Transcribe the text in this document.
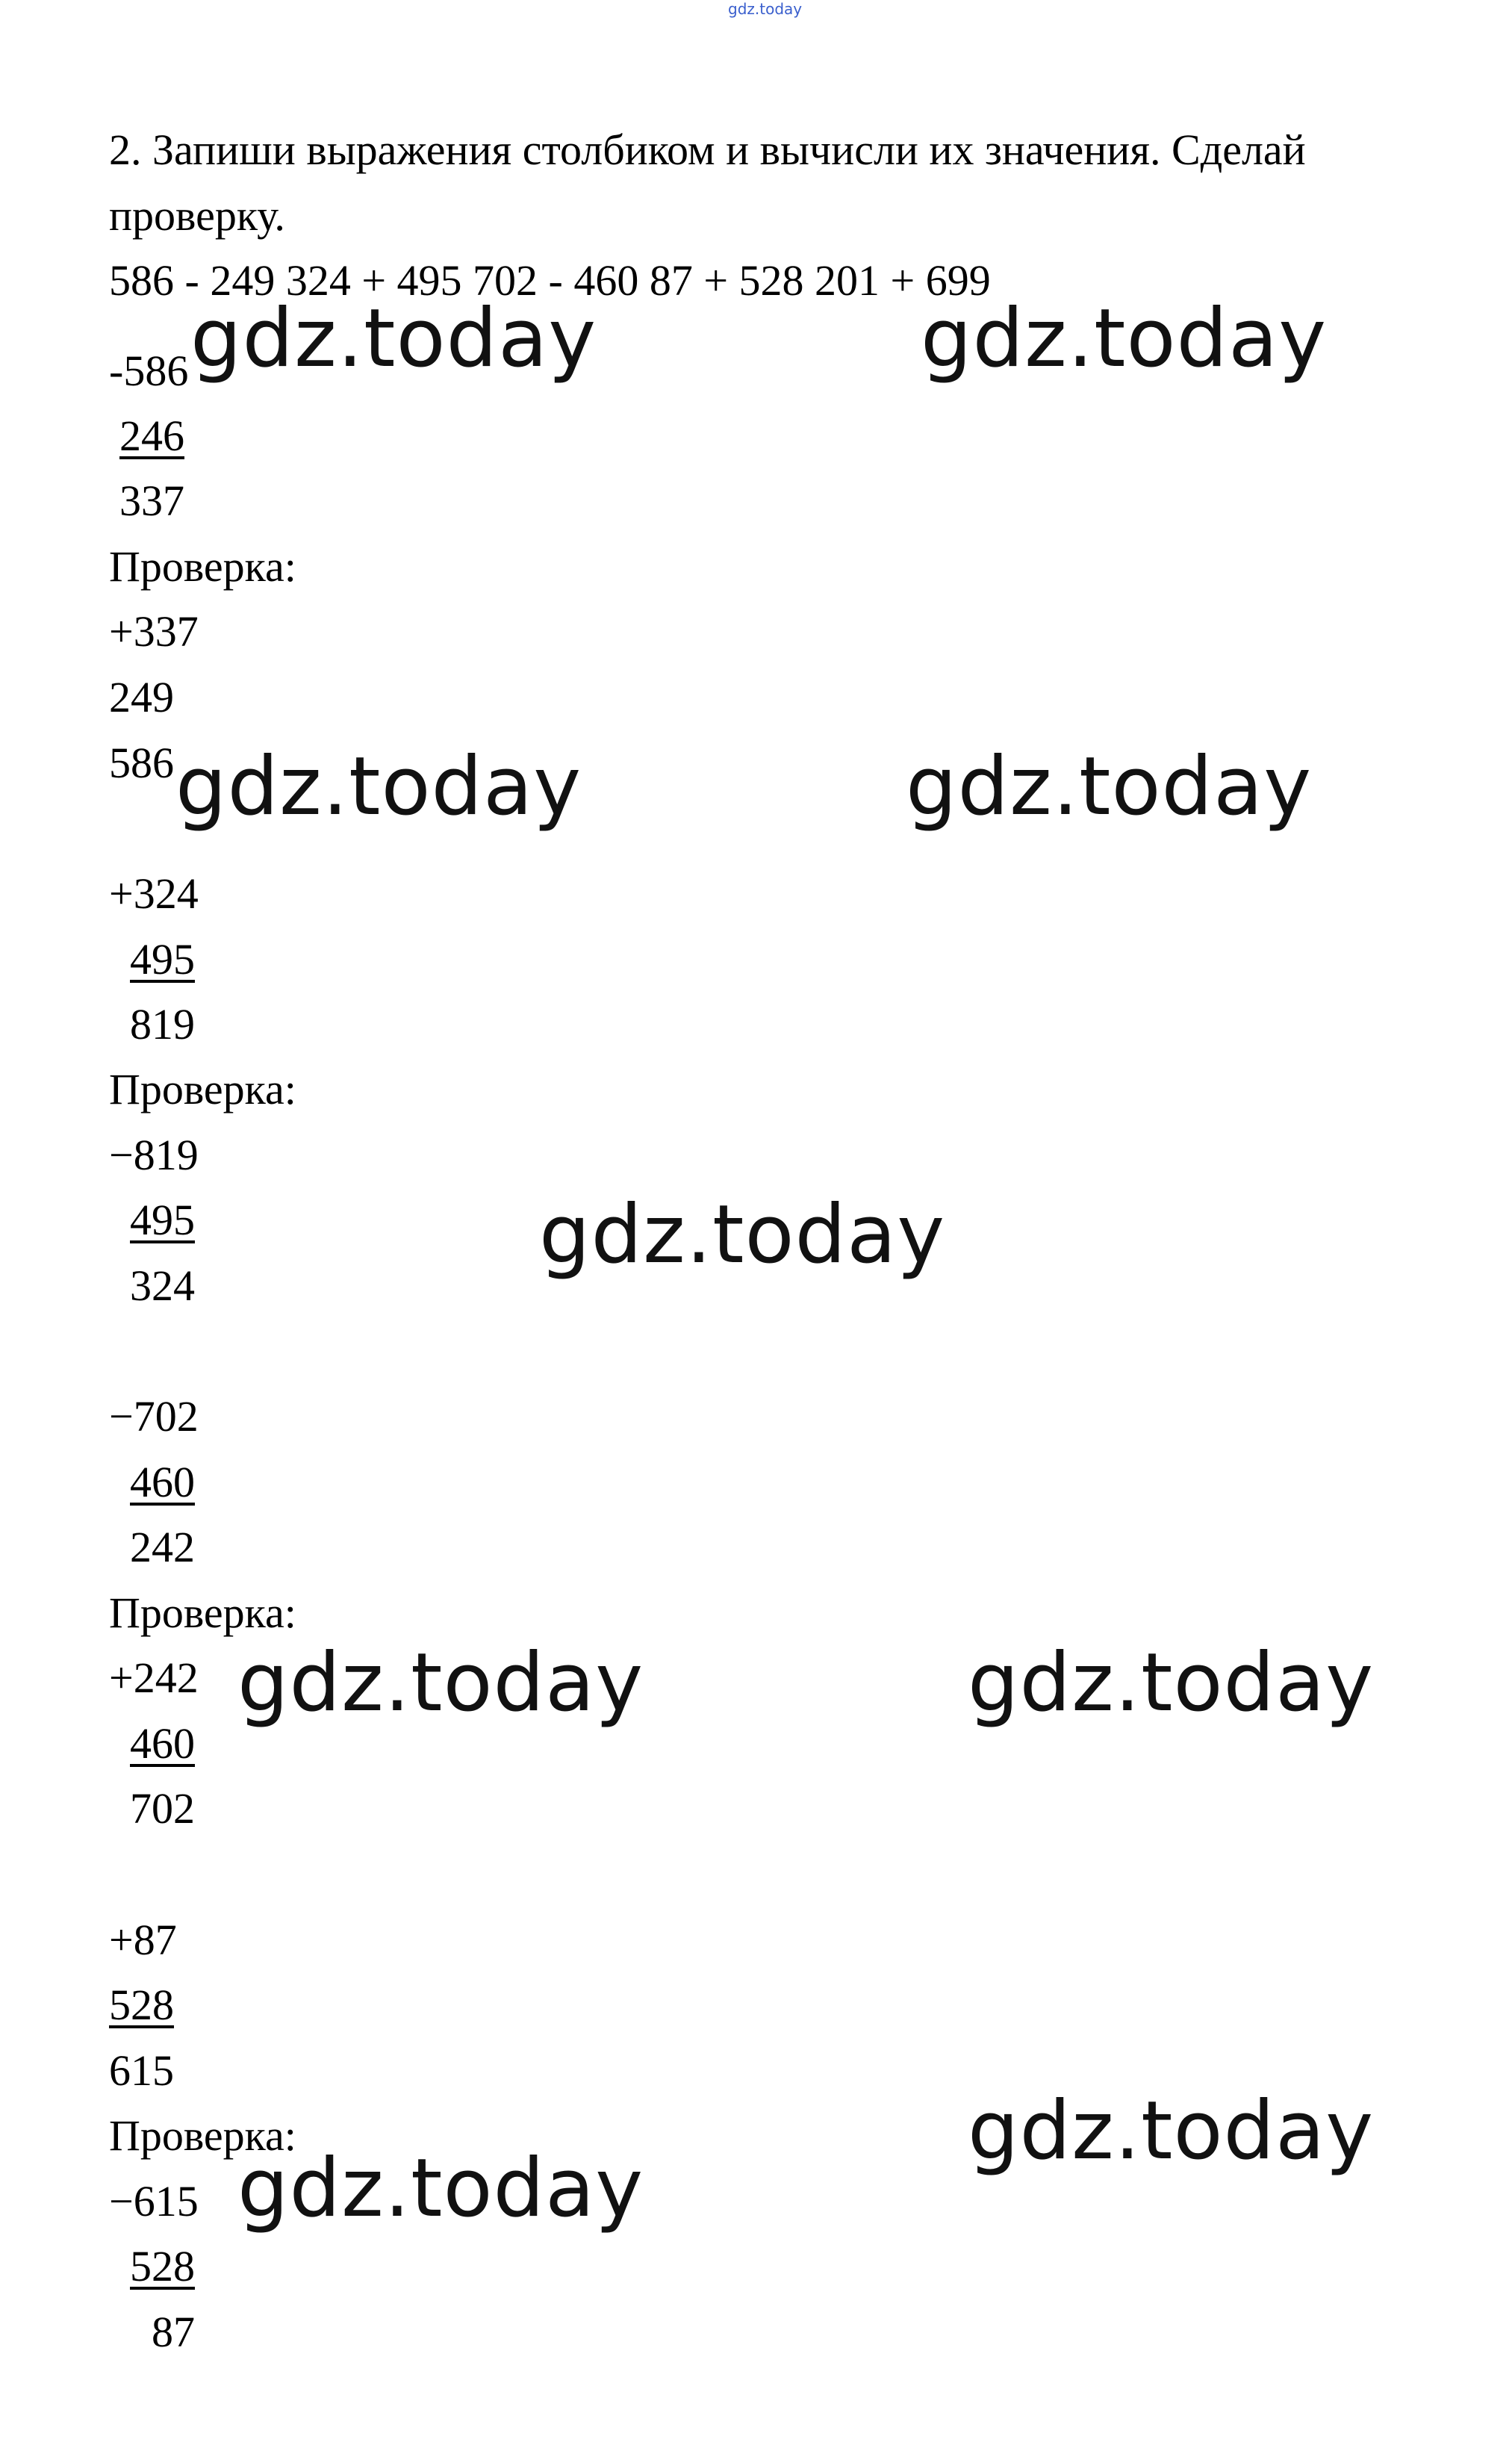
gdz.today
2. Запиши выражения столбиком и вычисли их значения. Сделай
проверку.
586 - 249 324 + 495 702 - 460 87 + 528 201 + 699
-586
246
337
Проверка:
+337
249
586
+324
495
819
Проверка:
−819
495
324
−702
460
242
Проверка:
+242
460
702
+87
528
615
Проверка:
−615
528
87
gdz.today	gdz.today
gdz.today	gdz.today
gdz.today
gdz.today	gdz.today
gdz.today
gdz.today
